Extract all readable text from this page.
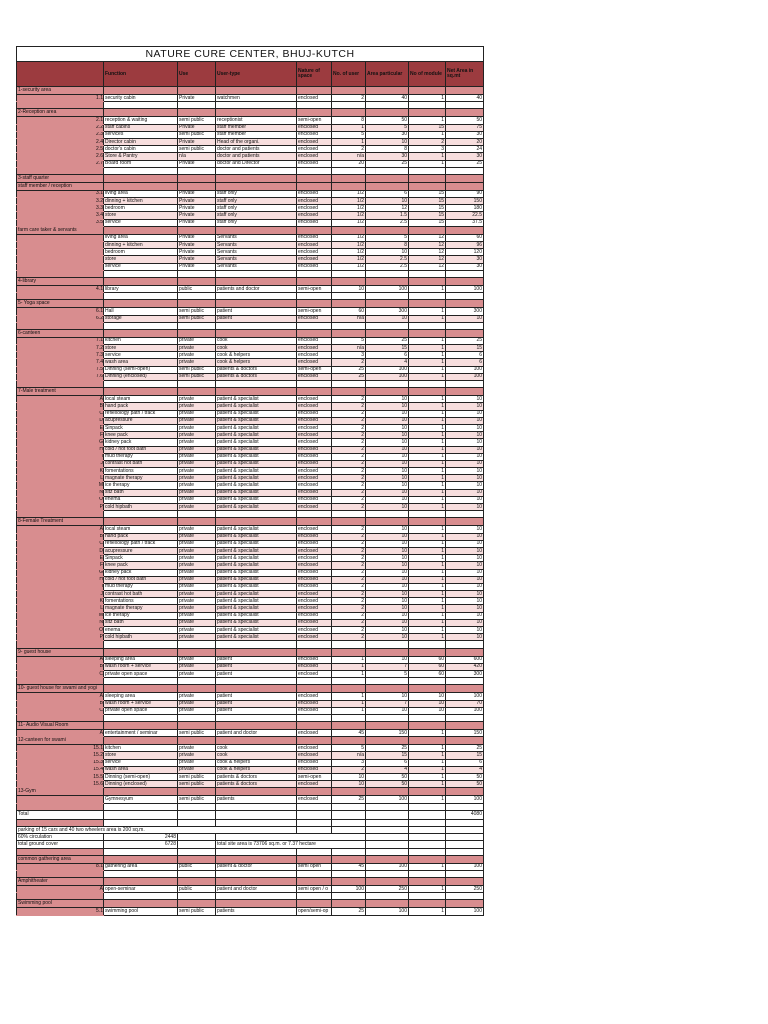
NATURE CURE CENTER, BHUJ-KUTCH								
	Function	Use	User-type	Nature of space	No. of user	Area particular	No of module	Net Area in sq.mt
1-security area								
1.1	security cabin	Private	watchmen	enclosed	2	40	1	40

2-Reception area								
2.1	reception & waiting	semi public	receptionist	semi-open	8	50	1	50
2.2	staff cabins	Private	staff member	enclosed	1	5	15	75
2.3	services	semi public	staff member	enclosed	5	30	1	30
2.4	Director cabin	Private	Head of the organi.	enclosed	1	10	2	20
2.5	doctor's cabin	semi public	doctor and patients	enclosed	2	8	3	24
2.6	Store & Pantry	n/a	doctor and patients	enclosed	n/a	30	1	30
2.7	Board room	Private	doctor and Director	enclosed	20	25	1	25

3-staff quarter								
staff member / reception								
3.1	living area	Private	staff only	enclosed	1/2	6	15	90
3.2	dinning + kitchen	Private	staff only	enclosed	1/2	10	15	150
3.3	bedroom	Private	staff only	enclosed	1/2	12	15	180
3.4	store	Private	staff only	enclosed	1/2	1.5	15	22.5
3.5	service	Private	staff only	enclosed	1/2	2.5	15	37.5
farm care taker & servants								
	living area	Private	Servants	enclosed	1/2	5	12	60
	dinning + kitchen	Private	Servants	enclosed	1/2	8	12	96
	bedroom	Private	Servants	enclosed	1/2	10	12	120
	store	Private	Servants	enclosed	1/2	2.5	12	30
	service	Private	Servants	enclosed	1/2	2.5	12	30

4-library								
4.1	library	public	patients and doctor	semi-open	10	100	1	100

5- Yoga space								
6.1	Hall	semi public	patient	semi-open	60	300	1	300
6.2	storage	semi public	patient	enclosed	n/a	10	1	10

6-canteen								
7.1	kitchen	private	cook	enclosed	5	25	1	25
7.2	store	private	cook	enclosed	n/a	15	1	15
7.3	service	private	cook & helpers	enclosed	3	6	1	6
7.4	wash area	private	cook & helpers	enclosed	2	4	1	6
7.5	Dinning (semi-open)	semi public	patients & doctors	semi-open	25	100	1	100
7.6	Dinning (enclosed)	semi public	patients & doctors	enclosed	25	100	1	100

7-Male treatment								
A	local steam	private	patient & specialist	enclosed	2	10	1	10
B	hand pack	private	patient & specialist	enclosed	2	10	1	10
C	reflexology path / track	private	patient & specialist	enclosed	2	10	1	10
D	acupressure	private	patient & specialist	enclosed	2	10	1	10
E	Sinpack	private	patient & specialist	enclosed	2	10	1	10
F	knee pack	private	patient & specialist	enclosed	2	10	1	10
G	kidney pack	private	patient & specialist	enclosed	2	10	1	10
H	cold / hot foot bath	private	patient & specialist	enclosed	2	10	1	10
I	mud therapy	private	patient & specialist	enclosed	2	10	1	10
J	contrast hot bath	private	patient & specialist	enclosed	2	10	1	10
K	fomentations	private	patient & specialist	enclosed	2	10	1	10
L	magnate therapy	private	patient & specialist	enclosed	2	10	1	10
M	ice therapy	private	patient & specialist	enclosed	2	10	1	10
N	sitz bath	private	patient & specialist	enclosed	2	10	1	10
O	enema	private	patient & specialist	enclosed	2	10	1	10
P	cold hipbath	private	patient & specialist	enclosed	2	10	1	10

8-Female Treatment								
A	local steam	private	patient & specialist	enclosed	2	10	1	10
B	hand pack	private	patient & specialist	enclosed	2	10	1	10
C	reflexology path / track	private	patient & specialist	enclosed	2	10	1	10
D	acupressure	private	patient & specialist	enclosed	2	10	1	10
E	Sinpack	private	patient & specialist	enclosed	2	10	1	10
F	knee pack	private	patient & specialist	enclosed	2	10	1	10
G	kidney pack	private	patient & specialist	enclosed	2	10	1	10
H	cold / hot foot bath	private	patient & specialist	enclosed	2	10	1	10
I	mud therapy	private	patient & specialist	enclosed	2	10	1	10
J	contrast hot bath	private	patient & specialist	enclosed	2	10	1	10
K	fomentations	private	patient & specialist	enclosed	2	10	1	10
L	magnate therapy	private	patient & specialist	enclosed	2	10	1	10
M	ice therapy	private	patient & specialist	enclosed	2	10	1	10
N	sitz bath	private	patient & specialist	enclosed	2	10	1	10
O	enema	private	patient & specialist	enclosed	2	10	1	10
P	cold hipbath	private	patient & specialist	enclosed	2	10	1	10

9- guest house								
A	sleeping area	private	patient	enclosed	1	10	60	600
B	wash room + service	private	patient	enclosed	1	7	60	420
C	private open space	private	patient	enclosed	1	5	60	300

10- guest house for swami and yogi								
A	sleeping area	private	patient	enclosed	1	10	10	100
B	wash room + service	private	patient	enclosed	1	7	10	70
C	private open space	private	patient	enclosed	1	10	10	100

11- Audio Visual Room								
A	entertainment / seminar	semi public	patient and doctor	enclosed	45	150	1	150
12-canteen for swami								
15.1	kitchen	private	cook	enclosed	5	25	1	25
15.2	store	private	cook	enclosed	n/a	15	1	15
15.3	service	private	cook & helpers	enclosed	3	6	1	6
15.4	wash area	private	cook & helpers	enclosed	2	4	1	4
15.5	Dinning (semi-open)	semi public	patients & doctors	semi-open	10	50	1	50
15.6	Dinning (enclosed)	semi public	patients & doctors	enclosed	10	50	1	50
13-Gym								
	Gymnesyum	semi public	patients	enclosed	25	100	1	100

Total								4080

parking of 15 cars and 40 two wheelers area is 200 sq.m.								
60% circulation	2448							
total ground cover	6728		total site area is 73706 sq.m. or 7.37 hectare					

common gathering area								
8.1	gathering area	public	patient & doctor	semi open	45	100	1	100

Amphitheater								
A	open-seminar	public	patient and doctor	semi open / o	100	250	1	250

Swimming pool								
5.1	swimming pool	semi public	patients	open/semi-op	25	100	1	100
